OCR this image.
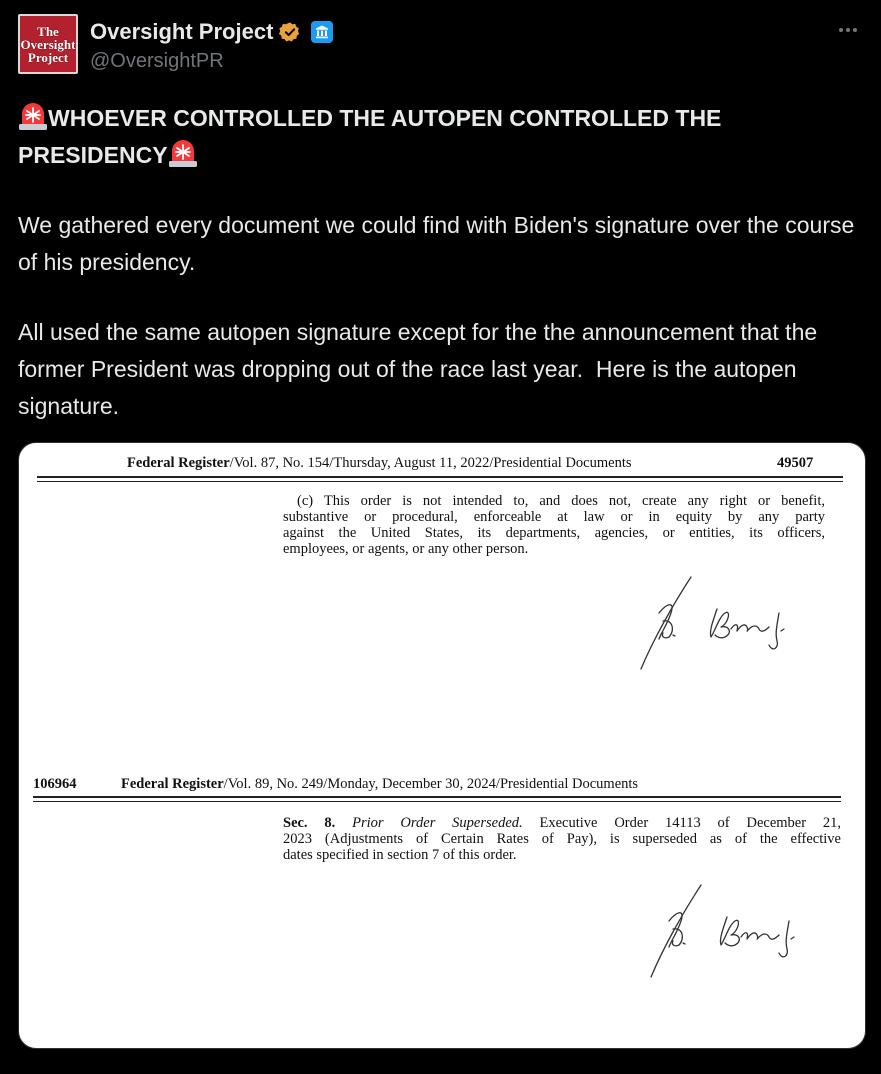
The
Oversight
Project
Oversight Project
@OversightPR
WHOEVER CONTROLLED THE AUTOPEN CONTROLLED THE
PRESIDENCY
We gathered every document we could find with Biden's signature over the course of his presidency.
All used the same autopen signature except for the the announcement that the former President was dropping out of the race last year.  Here is the autopen signature.
Federal Register/Vol. 87, No. 154/Thursday, August 11, 2022/Presidential Documents	49507
(c) This order is not intended to, and does not, create any right or benefit,
substantive or procedural, enforceable at law or in equity by any party
against the United States, its departments, agencies, or entities, its officers,
employees, or agents, or any other person.
106964	Federal Register/Vol. 89, No. 249/Monday, December 30, 2024/Presidential Documents
Sec. 8. Prior Order Superseded. Executive Order 14113 of December 21,
2023 (Adjustments of Certain Rates of Pay), is superseded as of the effective
dates specified in section 7 of this order.
